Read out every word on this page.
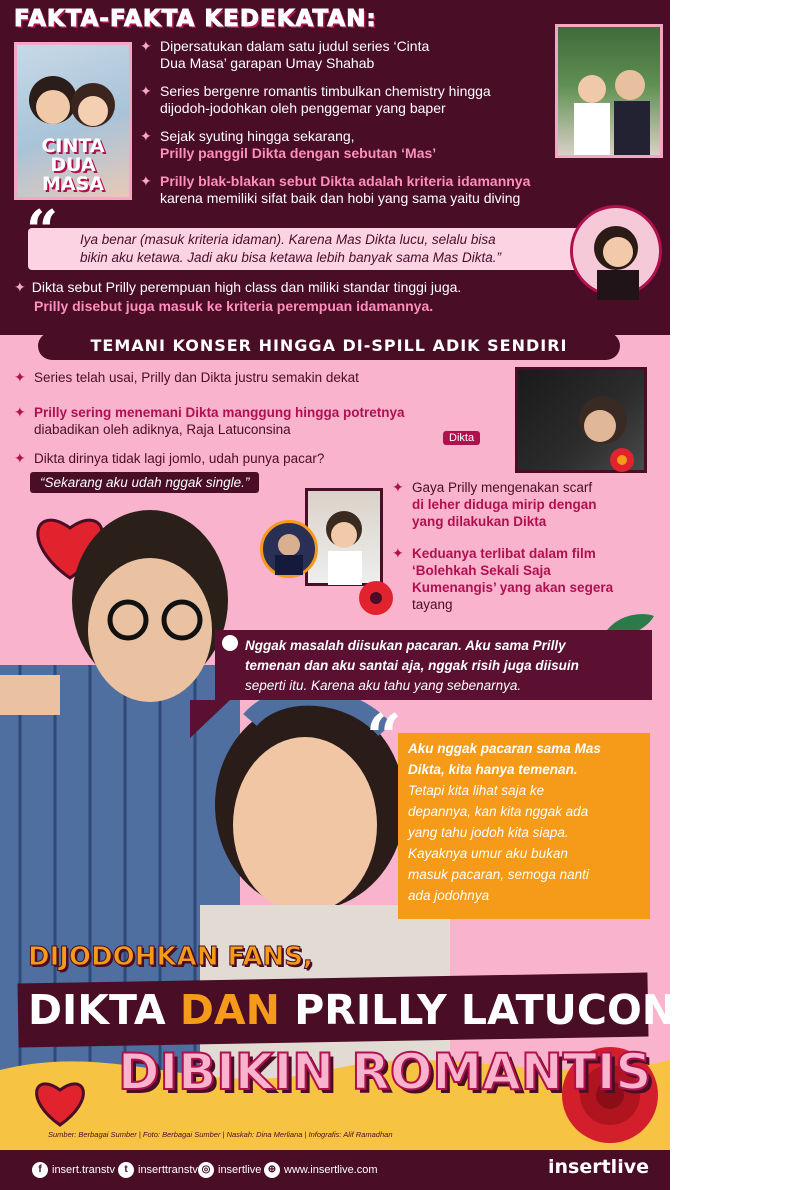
FAKTA-FAKTA KEDEKATAN:
CINTA DUA MASA
✦ Dipersatukan dalam satu judul series ‘Cinta
Dua Masa’ garapan Umay Shahab
✦ Series bergenre romantis timbulkan chemistry hingga
dijodoh-jodohkan oleh penggemar yang baper
✦ Sejak syuting hingga sekarang,
Prilly panggil Dikta dengan sebutan ‘Mas’
✦ Prilly blak-blakan sebut Dikta adalah kriteria idamannya
karena memiliki sifat baik dan hobi yang sama yaitu diving
Iya benar (masuk kriteria idaman). Karena Mas Dikta lucu, selalu bisa
bikin aku ketawa. Jadi aku bisa ketawa lebih banyak sama Mas Dikta.”
“
✦ Dikta sebut Prilly perempuan high class dan miliki standar tinggi juga.
Prilly disebut juga masuk ke kriteria perempuan idamannya.
TEMANI KONSER HINGGA DI-SPILL ADIK SENDIRI
✦ Series telah usai, Prilly dan Dikta justru semakin dekat
✦ Prilly sering menemani Dikta manggung hingga potretnya
diabadikan oleh adiknya, Raja Latuconsina
✦ Dikta dirinya tidak lagi jomlo, udah punya pacar?
“Sekarang aku udah nggak single.”
Dikta
✦ Gaya Prilly mengenakan scarf
di leher diduga mirip dengan
yang dilakukan Dikta
✦ Keduanya terlibat dalam film
‘Bolehkah Sekali Saja
Kumenangis’ yang akan segera
tayang
Nggak masalah diisukan pacaran. Aku sama Prilly
temenan dan aku santai aja, nggak risih juga diisuin
seperti itu. Karena aku tahu yang sebenarnya.
Aku nggak pacaran sama Mas
Dikta, kita hanya temenan.
Tetapi kita lihat saja ke
depannya, kan kita nggak ada
yang tahu jodoh kita siapa.
Kayaknya umur aku bukan
masuk pacaran, semoga nanti
ada jodohnya
“
DIJODOHKAN FANS,
DIKTA DAN PRILLY LATUCONSINA
DIBIKIN ROMANTIS
Sumber: Berbagai Sumber | Foto: Berbagai Sumber | Naskah: Dina Merliana | Infografis: Alif Ramadhan
f insert.transtv t inserttranstv ◎ insertlive ⊕ www.insertlive.com	insertlive
